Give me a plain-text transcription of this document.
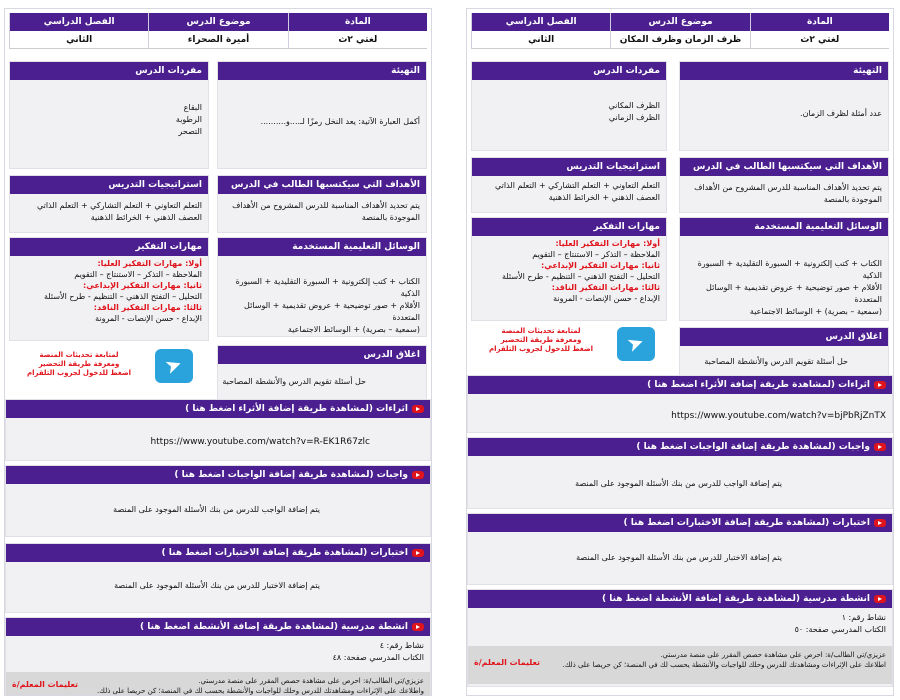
المادة
موضوع الدرس
الفصل الدراسي
لغتي ٢ث
أميرة الصحراء
الثاني
التهيئة
أكمل العبارة الآتية: يعد النخل رمزًا لـ....و..........
الأهداف التي سيكتسبها الطالب في الدرس
يتم تحديد الأهداف المناسبة للدرس المشروح من الأهداف الموجودة بالمنصة
الوسائل التعليمية المستخدمة
الكتاب + كتب إلكترونية + السبورة التقليدية + السبورة الذكية
الأقلام + صور توضيحية + عروض تقديمية + الوسائل المتعددة
(سمعية – بصرية) + الوسائط الاجتماعية
اغلاق الدرس
حل أسئلة تقويم الدرس والأنشطة المصاحبة
مفردات الدرس
البقاع
الرطوبة
التصحر
استراتيجيات التدريس
التعلم التعاوني + التعلم التشاركي + التعلم الذاتي
العصف الذهني + الخرائط الذهنية
مهارات التفكير
أولا: مهارات التفكير العليا:
الملاحظة – التذكر – الاستنتاج – التقويم
ثانيا: مهارات التفكير الإبداعي:
التحليل – التفتح الذهني – التنظيم - طرح الأسئلة
ثالثا: مهارات التفكير الناقد:
الإبداع - حسن الإنصات - المرونة
➤
لمتابعة تحديثات المنصة
ومعرفة طريقة التحضير
اضغط للدخول لجروب التلقرام
اثراءات (لمشاهدة طريقة إضافة الأثراء اضغط هنا )
https://www.youtube.com/watch?v=R-EK1R67zlc
واجبات (لمشاهدة طريقة إضافة الواجبات اضغط هنا )
يتم إضافة الواجب للدرس من بنك الأسئلة الموجود على المنصة
اختبارات (لمشاهدة طريقة إضافة الاختبارات اضغط هنا )
يتم إضافة الاختبار للدرس من بنك الأسئلة الموجود على المنصة
انشطة مدرسية (لمشاهدة طريقة إضافة الأنشطة اضغط هنا )
نشاط رقم: ٤
الكتاب المدرسي صفحة: ٤٨
تعليمات المعلم/ة	عزيزي/تي الطالب/ة: احرص على مشاهدة حصص المقرر على منصة مدرستي.
واطلاعك على الإثراءات ومشاهدتك للدرس وحلك للواجبات والأنشطة يحسب لك في المنصة؛ كن حريصا على ذلك.
المادة
موضوع الدرس
الفصل الدراسي
لغتي ٢ث
ظرف الزمان وظرف المكان
الثاني
التهيئة
عدد أمثلة لظرف الزمان.
الأهداف التي سيكتسبها الطالب في الدرس
يتم تحديد الأهداف المناسبة للدرس المشروح من الأهداف الموجودة بالمنصة
الوسائل التعليمية المستخدمة
الكتاب + كتب إلكترونية + السبورة التقليدية + السبورة الذكية
الأقلام + صور توضيحية + عروض تقديمية + الوسائل المتعددة
(سمعية – بصرية) + الوسائط الاجتماعية
اغلاق الدرس
حل أسئلة تقويم الدرس والأنشطة المصاحبة
مفردات الدرس
الظرف المكاني
الظرف الزماني
استراتيجيات التدريس
التعلم التعاوني + التعلم التشاركي + التعلم الذاتي
العصف الذهني + الخرائط الذهنية
مهارات التفكير
أولا: مهارات التفكير العليا:
الملاحظة – التذكر – الاستنتاج – التقويم
ثانيا: مهارات التفكير الإبداعي:
التحليل – التفتح الذهني – التنظيم - طرح الأسئلة
ثالثا: مهارات التفكير الناقد:
الإبداع - حسن الإنصات - المرونة
➤
لمتابعة تحديثات المنصة
ومعرفة طريقة التحضير
اضغط للدخول لجروب التلقرام
اثراءات (لمشاهدة طريقة إضافة الأثراء اضغط هنا )
https://www.youtube.com/watch?v=bjPbRjZnTX
واجبات (لمشاهدة طريقة إضافة الواجبات اضغط هنا )
يتم إضافة الواجب للدرس من بنك الأسئلة الموجود على المنصة
اختبارات (لمشاهدة طريقة إضافة الاختبارات اضغط هنا )
يتم إضافة الاختبار للدرس من بنك الأسئلة الموجود على المنصة
انشطة مدرسية (لمشاهدة طريقة إضافة الأنشطة اضغط هنا )
نشاط رقم: ١
الكتاب المدرسي صفحة: ٥٠
تعليمات المعلم/ة
عزيزي/تي الطالب/ة: احرص على مشاهدة حصص المقرر على منصة مدرستي.
اطلاعك على الإثراءات ومشاهدتك للدرس وحلك للواجبات والأنشطة يحسب لك في المنصة؛ كن حريصا على ذلك.
